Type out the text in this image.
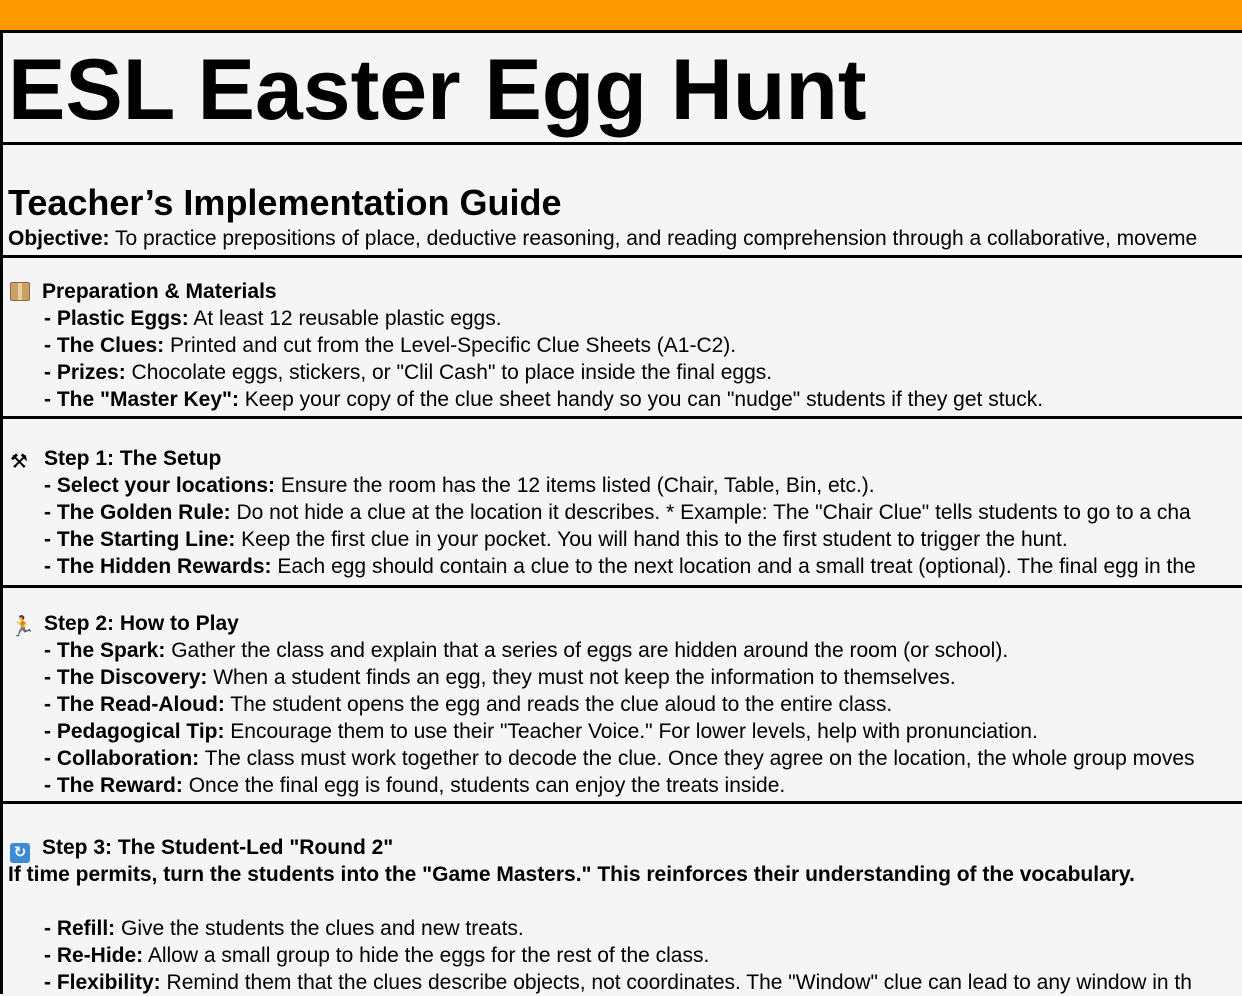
ESL Easter Egg Hunt
Teacher’s Implementation Guide
Objective: To practice prepositions of place, deductive reasoning, and reading comprehension through a collaborative, moveme
Preparation & Materials
- Plastic Eggs: At least 12 reusable plastic eggs.
- The Clues: Printed and cut from the Level-Specific Clue Sheets (A1-C2).
- Prizes: Chocolate eggs, stickers, or "Clil Cash" to place inside the final eggs.
- The "Master Key": Keep your copy of the clue sheet handy so you can "nudge" students if they get stuck.
⚒ Step 1: The Setup
- Select your locations: Ensure the room has the 12 items listed (Chair, Table, Bin, etc.).
- The Golden Rule: Do not hide a clue at the location it describes. * Example: The "Chair Clue" tells students to go to a cha
- The Starting Line: Keep the first clue in your pocket. You will hand this to the first student to trigger the hunt.
- The Hidden Rewards: Each egg should contain a clue to the next location and a small treat (optional). The final egg in the
🏃 Step 2: How to Play
- The Spark: Gather the class and explain that a series of eggs are hidden around the room (or school).
- The Discovery: When a student finds an egg, they must not keep the information to themselves.
- The Read-Aloud: The student opens the egg and reads the clue aloud to the entire class.
- Pedagogical Tip: Encourage them to use their "Teacher Voice." For lower levels, help with pronunciation.
- Collaboration: The class must work together to decode the clue. Once they agree on the location, the whole group moves
- The Reward: Once the final egg is found, students can enjoy the treats inside.
↻ Step 3: The Student-Led "Round 2"
If time permits, turn the students into the "Game Masters." This reinforces their understanding of the vocabulary.
- Refill: Give the students the clues and new treats.
- Re-Hide: Allow a small group to hide the eggs for the rest of the class.
- Flexibility: Remind them that the clues describe objects, not coordinates. The "Window" clue can lead to any window in th
